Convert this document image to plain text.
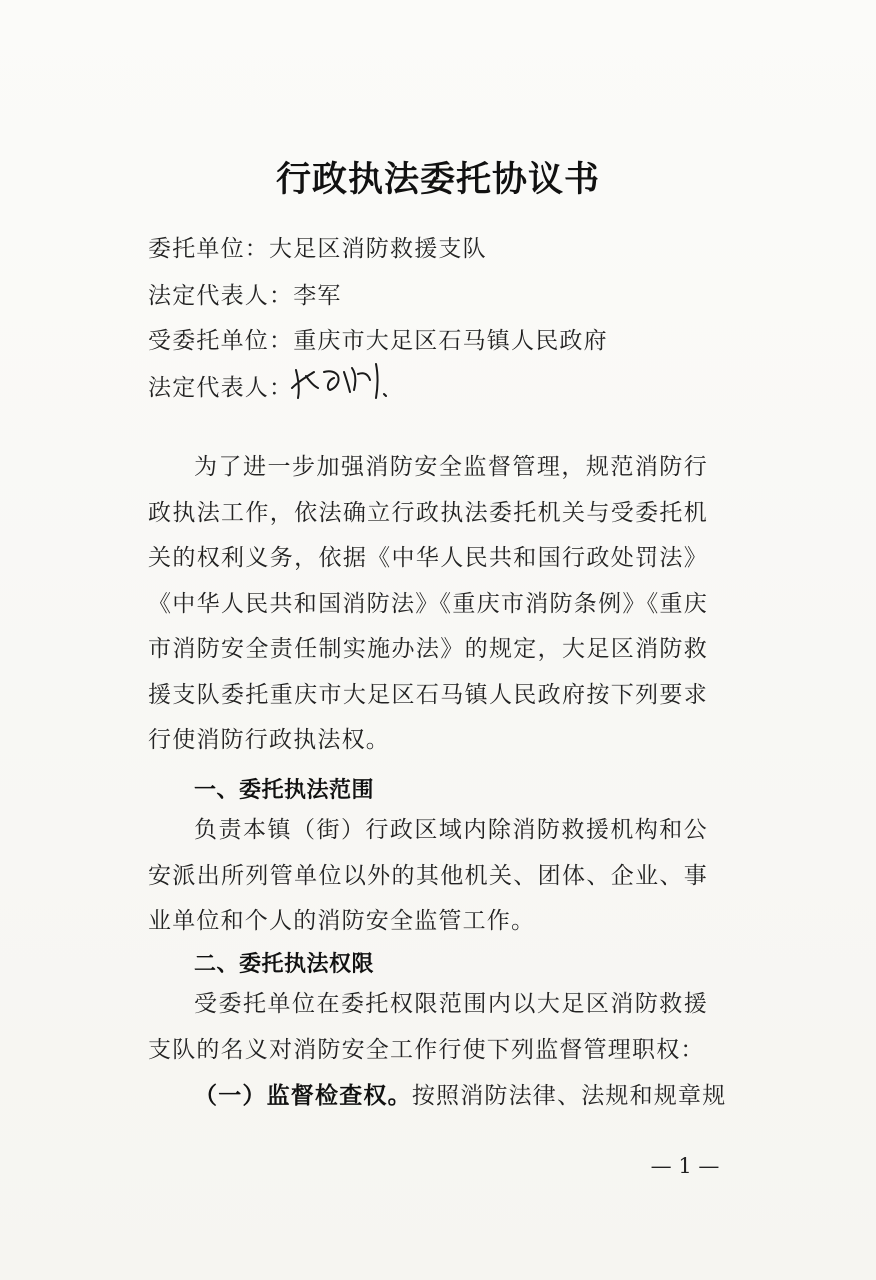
行政执法委托协议书
委托单位：大足区消防救援支队
法定代表人：李军
受委托单位：重庆市大足区石马镇人民政府
法定代表人：
为了进一步加强消防安全监督管理，规范消防行政执法工作，依法确立行政执法委托机关与受委托机关的权利义务，依据《中华人民共和国行政处罚法》《中华人民共和国消防法》《重庆市消防条例》《重庆市消防安全责任制实施办法》的规定，大足区消防救援支队委托重庆市大足区石马镇人民政府按下列要求行使消防行政执法权。
一、委托执法范围
负责本镇（街）行政区域内除消防救援机构和公安派出所列管单位以外的其他机关、团体、企业、事业单位和个人的消防安全监管工作。
二、委托执法权限
受委托单位在委托权限范围内以大足区消防救援支队的名义对消防安全工作行使下列监督管理职权：
（一）监督检查权。按照消防法律、法规和规章规
— 1 —
